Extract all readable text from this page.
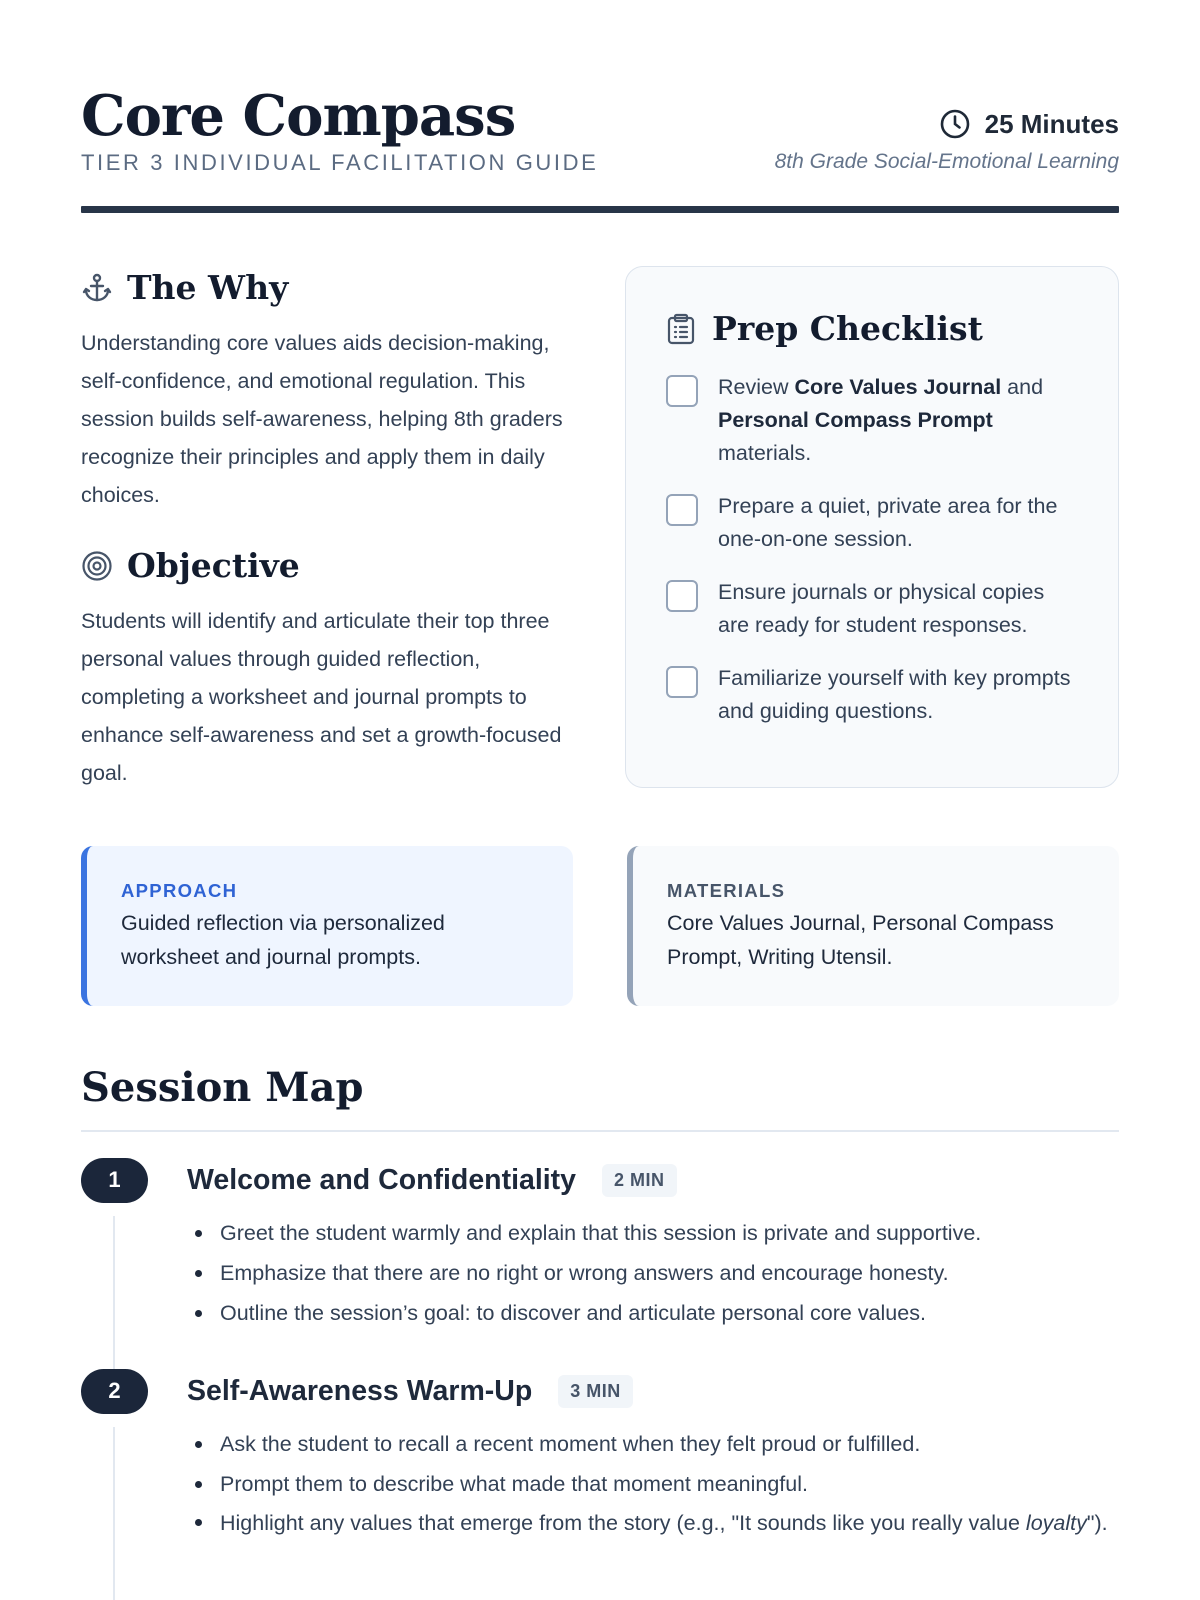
Core Compass
TIER 3 INDIVIDUAL FACILITATION GUIDE
25 Minutes
8th Grade Social-Emotional Learning
The Why

Understanding core values aids decision-making, self-confidence, and emotional regulation. This session builds self-awareness, helping 8th graders recognize their principles and apply them in daily choices.

Objective

Students will identify and articulate their top three personal values through guided reflection, completing a worksheet and journal prompts to enhance self-awareness and set a growth-focused goal.

Prep Checklist
Review Core Values Journal and Personal Compass Prompt materials.
Prepare a quiet, private area for the one-on-one session.
Ensure journals or physical copies are ready for student responses.
Familiarize yourself with key prompts and guiding questions.
APPROACH
Guided reflection via personalized worksheet and journal prompts.
MATERIALS
Core Values Journal, Personal Compass Prompt, Writing Utensil.
Session Map
1	Welcome and Confidentiality	2 MIN
Greet the student warmly and explain that this session is private and supportive.
Emphasize that there are no right or wrong answers and encourage honesty.
Outline the session’s goal: to discover and articulate personal core values.
2	Self-Awareness Warm-Up	3 MIN
Ask the student to recall a recent moment when they felt proud or fulfilled.
Prompt them to describe what made that moment meaningful.
Highlight any values that emerge from the story (e.g., "It sounds like you really value loyalty").
